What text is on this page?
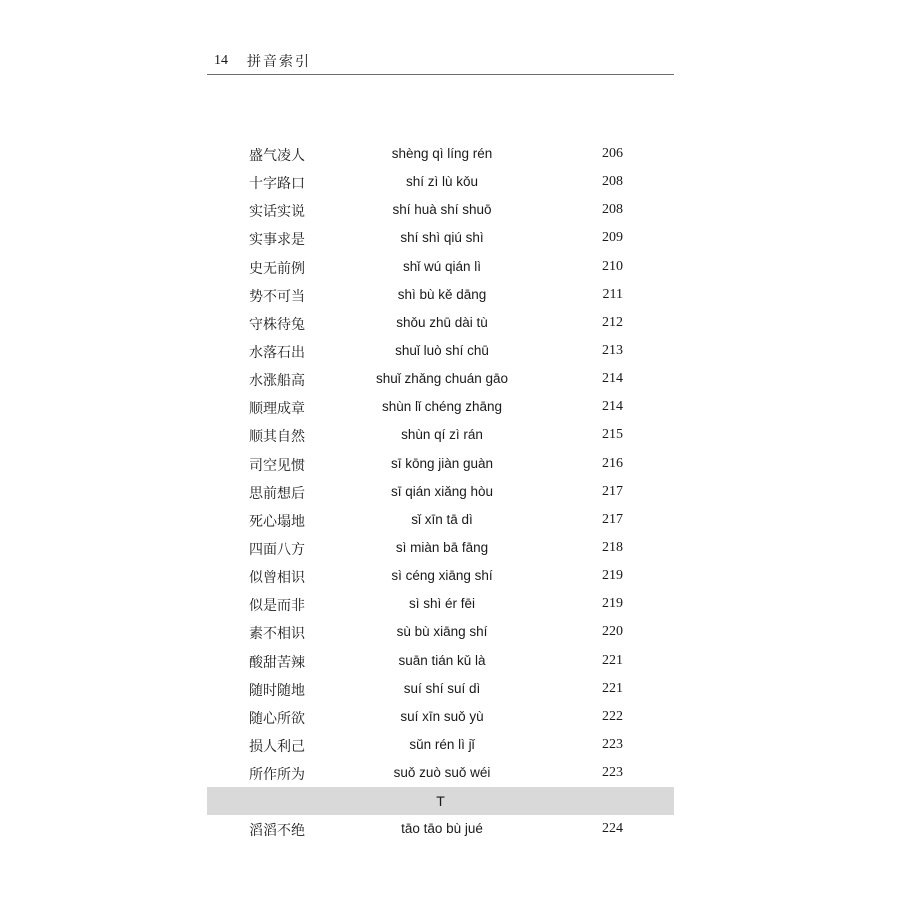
14 拼音索引
盛气凌人	shèng qì líng rén	206
十字路口	shí zì lù kǒu	208
实话实说	shí huà shí shuō	208
实事求是	shí shì qiú shì	209
史无前例	shǐ wú qián lì	210
势不可当	shì bù kě dāng	211
守株待兔	shǒu zhū dài tù	212
水落石出	shuǐ luò shí chū	213
水涨船高	shuǐ zhǎng chuán gāo	214
顺理成章	shùn lǐ chéng zhāng	214
顺其自然	shùn qí zì rán	215
司空见惯	sī kōng jiàn guàn	216
思前想后	sī qián xiǎng hòu	217
死心塌地	sǐ xīn tā dì	217
四面八方	sì miàn bā fāng	218
似曾相识	sì céng xiāng shí	219
似是而非	sì shì ér fēi	219
素不相识	sù bù xiāng shí	220
酸甜苦辣	suān tián kǔ là	221
随时随地	suí shí suí dì	221
随心所欲	suí xīn suǒ yù	222
损人利己	sǔn rén lì jǐ	223
所作所为	suǒ zuò suǒ wéi	223
T
滔滔不绝	tāo tāo bù jué	224
